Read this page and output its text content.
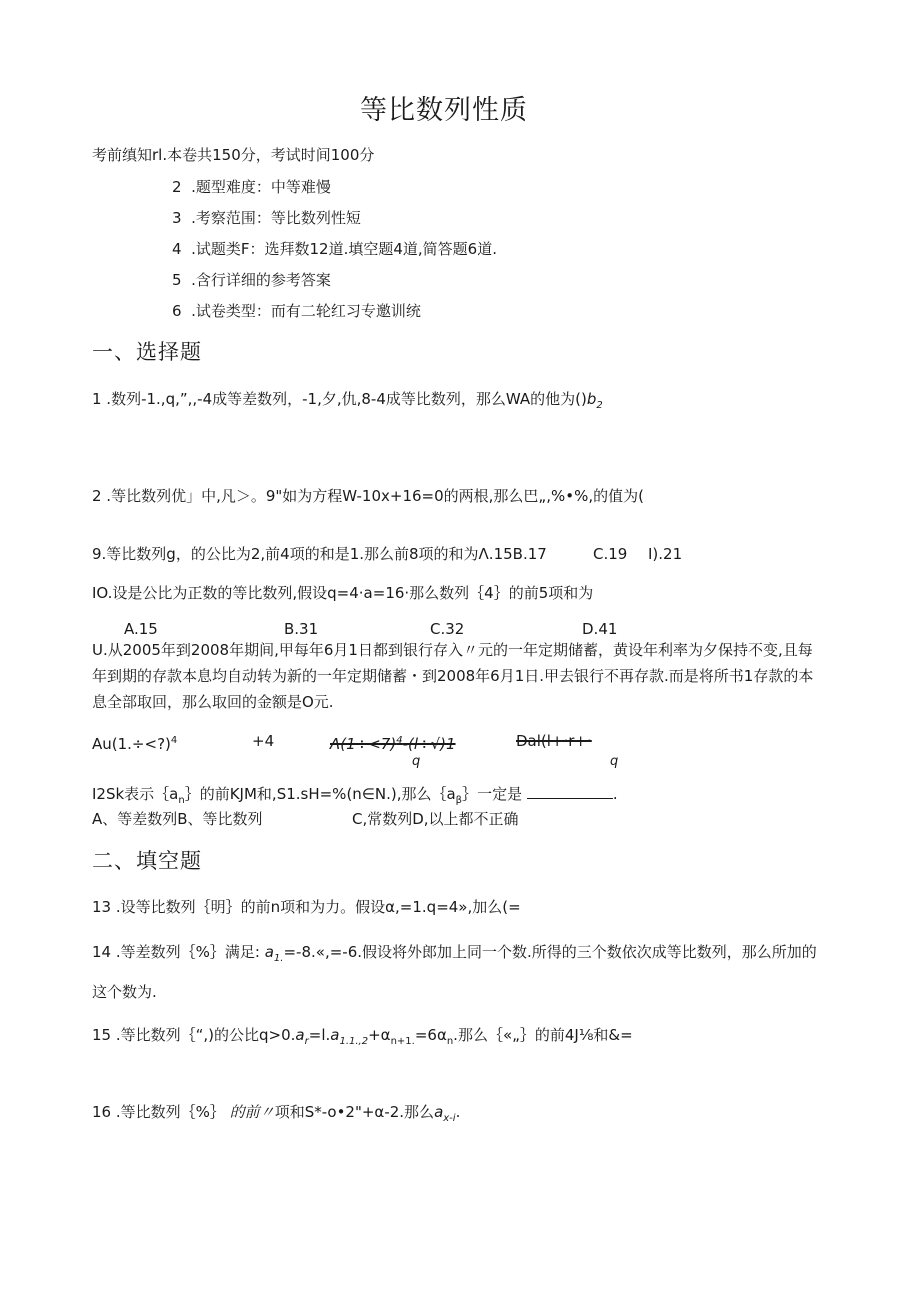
等比数列性质
考前缜知rl.本卷共150分，考试时间100分
2 .题型难度：中等难慢
3 .考察范围：等比数列性短
4 .试题类F：选拜数12道.填空题4道,简答题6道.
5 .含行详细的参考答案
6 .试卷类型：而有二轮红习专邀训统
一、选择题
1 .数列-1.,q,”,,-4成等差数列，-1,夕,仇,8-4成等比数列，那么WA的他为$()b_2$
2 .等比数列优」中,凡＞。9"如为方程W-10x+16=0的两根,那么巴„,%•%,的值为(
9.等比数列g，的公比为2,前4项的和是1.那么前8项的和为Λ.15B.17	C.19 I).21
IO.设是公比为正数的等比数列,假设q=4·a=16·那么数列｛4｝的前5项和为
A.15	B.31	C.32	D.41
U.从2005年到2008年期间,甲每年6月1日都到银行存入〃元的一年定期储蓄，黄设年利率为夕保持不变,且每
年到期的存款本息均自动转为新的一年定期储蓄・到2008年6月1日.甲去银行不再存款.而是将所书1存款的本
息全部取回，那么取回的金额是O元.
Au(1.÷<?)$^4$	+4	Λ(1÷<7)$^4$-(l÷√)1
q
Dal(l+·r+·
q
I2Sk表示$\{a_n\}$的前KJM和,S1.sH=%(n∈N.),那么$\{a_\beta\}$一定是	.
A、等差数列B、等比数列	C,常数列D,以上都不正确
二、填空题
13 .设等比数列｛明｝的前n项和为力。假设α,=1.q=4»,加么(=
14 .等差数列｛%｝满足: $a_{1.}=-8.«,=-6$.假设将外郎加上同一个数.所得的三个数依次成等比数列，那么所加的
这个数为.
15 .等比数列｛“,)的公比$q>0.a_r=l.a_{1.1.,2}+\alpha_{n+1.}=6\alpha_n$.那么｛«„｝的前4J⅛和&=
16 .等比数列｛%｝ 的前〃项和S*-o•2"+α-2.那么$a_{x-i}$.
